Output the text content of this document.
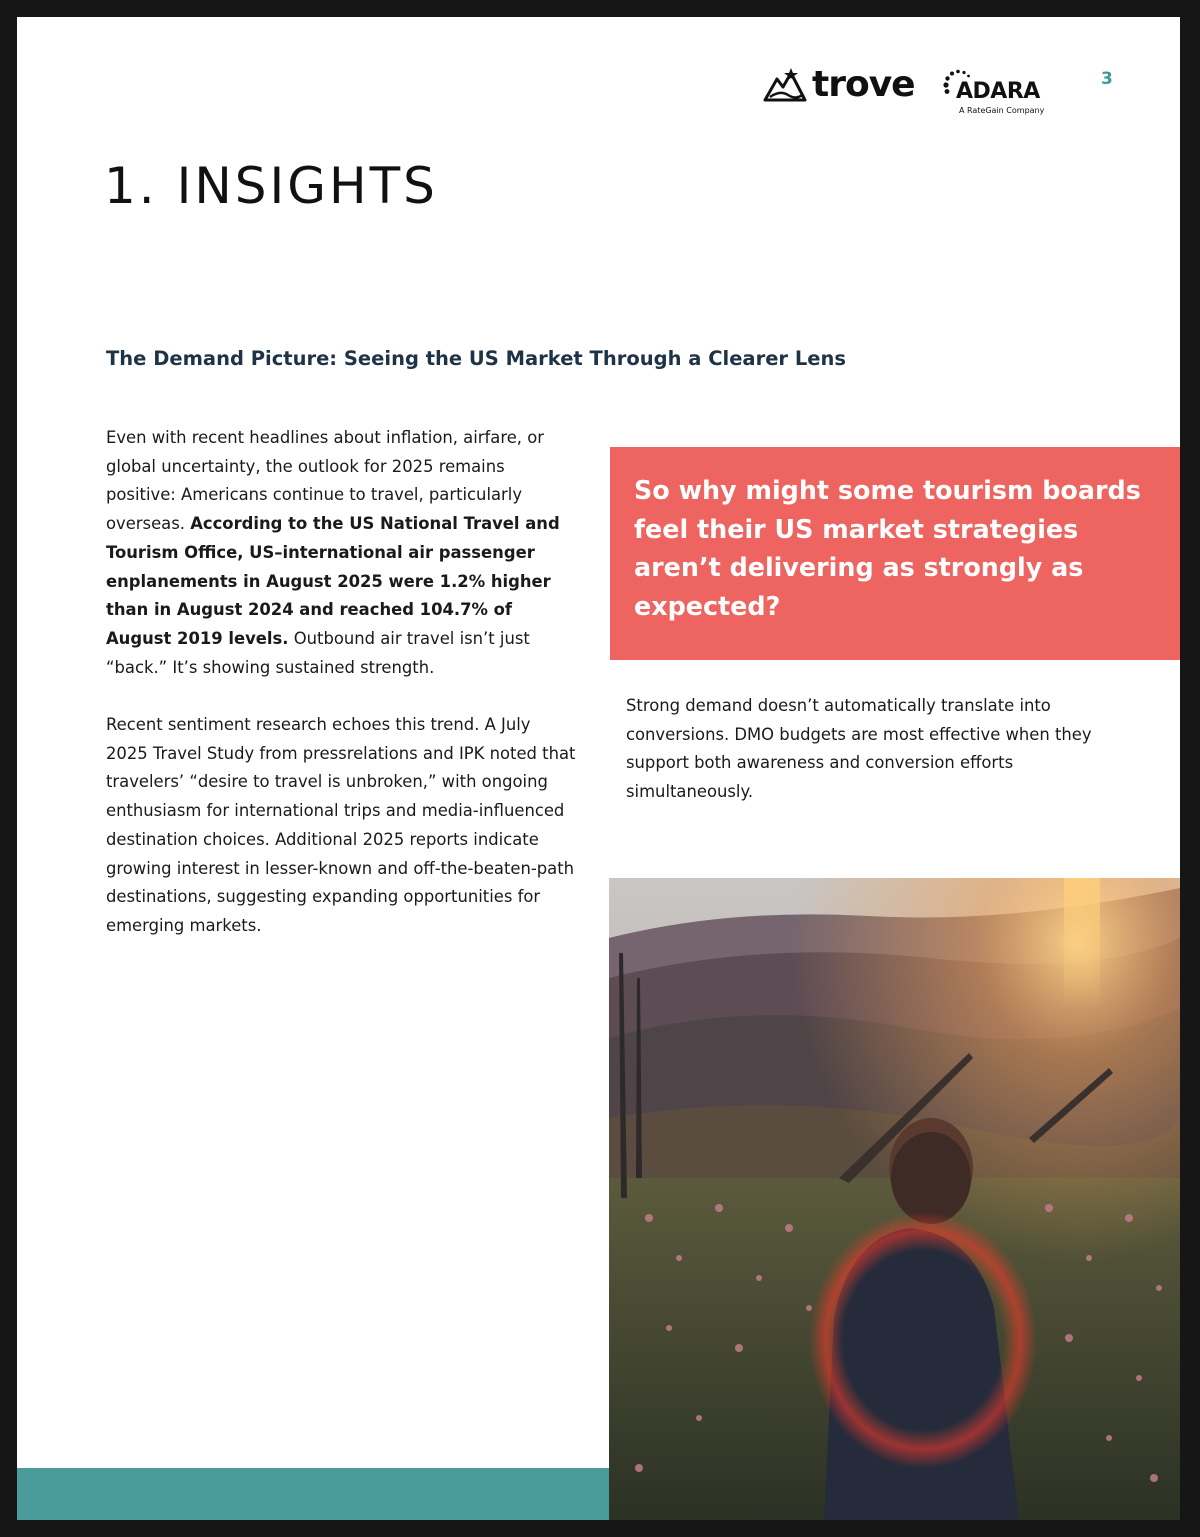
trove ADARA
A RateGain Company
3
1. INSIGHTS
The Demand Picture: Seeing the US Market Through a Clearer Lens

Even with recent headlines about inflation, airfare, or global uncertainty, the outlook for 2025 remains positive: Americans continue to travel, particularly overseas. According to the US National Travel and Tourism Office, US–international air passenger enplanements in August 2025 were 1.2% higher than in August 2024 and reached 104.7% of August 2019 levels. Outbound air travel isn’t just “back.” It’s showing sustained strength.

Recent sentiment research echoes this trend. A July 2025 Travel Study from pressrelations and IPK noted that travelers’ “desire to travel is unbroken,” with ongoing enthusiasm for international trips and media-influenced destination choices. Additional 2025 reports indicate growing interest in lesser-known and off-the-beaten-path destinations, suggesting expanding opportunities for emerging markets.

So why might some tourism boards feel their US market strategies aren’t delivering as strongly as expected?

Strong demand doesn’t automatically translate into conversions. DMO budgets are most effective when they support both awareness and conversion efforts simultaneously.
